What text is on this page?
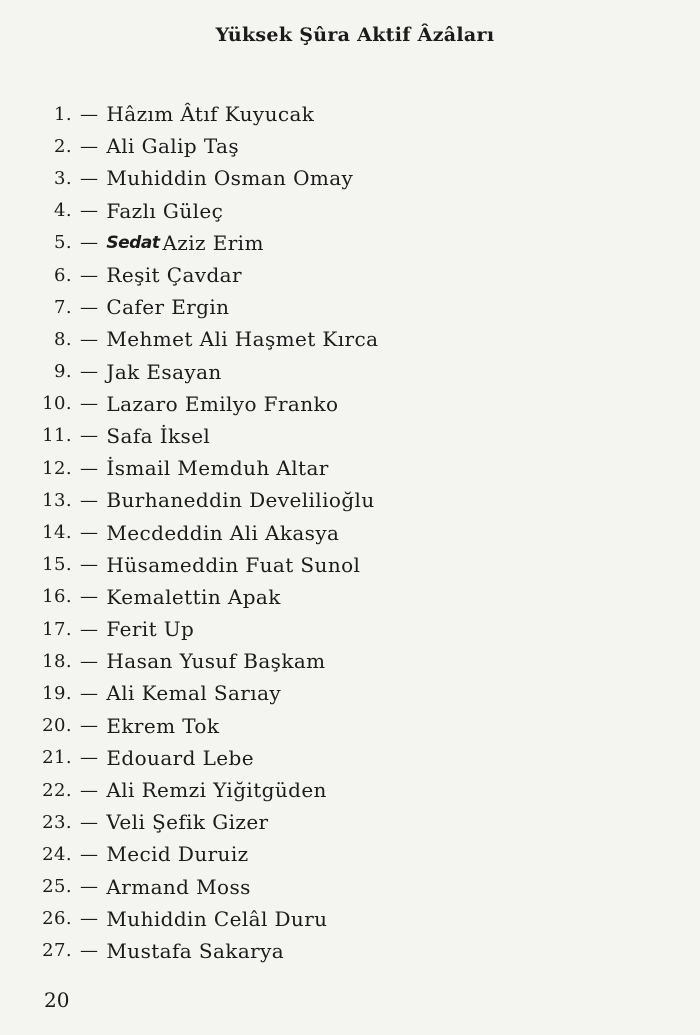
Yüksek Şûra Aktif Âzâları
1. — Hâzım Âtıf Kuyucak
2. — Ali Galip Taş
3. — Muhiddin Osman Omay
4. — Fazlı Güleç
5. — Sedat Aziz Erim
6. — Reşit Çavdar
7. — Cafer Ergin
8. — Mehmet Ali Haşmet Kırca
9. — Jak Esayan
10. — Lazaro Emilyo Franko
11. — Safa İksel
12. — İsmail Memduh Altar
13. — Burhaneddin Develilioğlu
14. — Mecdeddin Ali Akasya
15. — Hüsameddin Fuat Sunol
16. — Kemalettin Apak
17. — Ferit Up
18. — Hasan Yusuf Başkam
19. — Ali Kemal Sarıay
20. — Ekrem Tok
21. — Edouard Lebe
22. — Ali Remzi Yiğitgüden
23. — Veli Şefik Gizer
24. — Mecid Duruiz
25. — Armand Moss
26. — Muhiddin Celâl Duru
27. — Mustafa Sakarya
20
